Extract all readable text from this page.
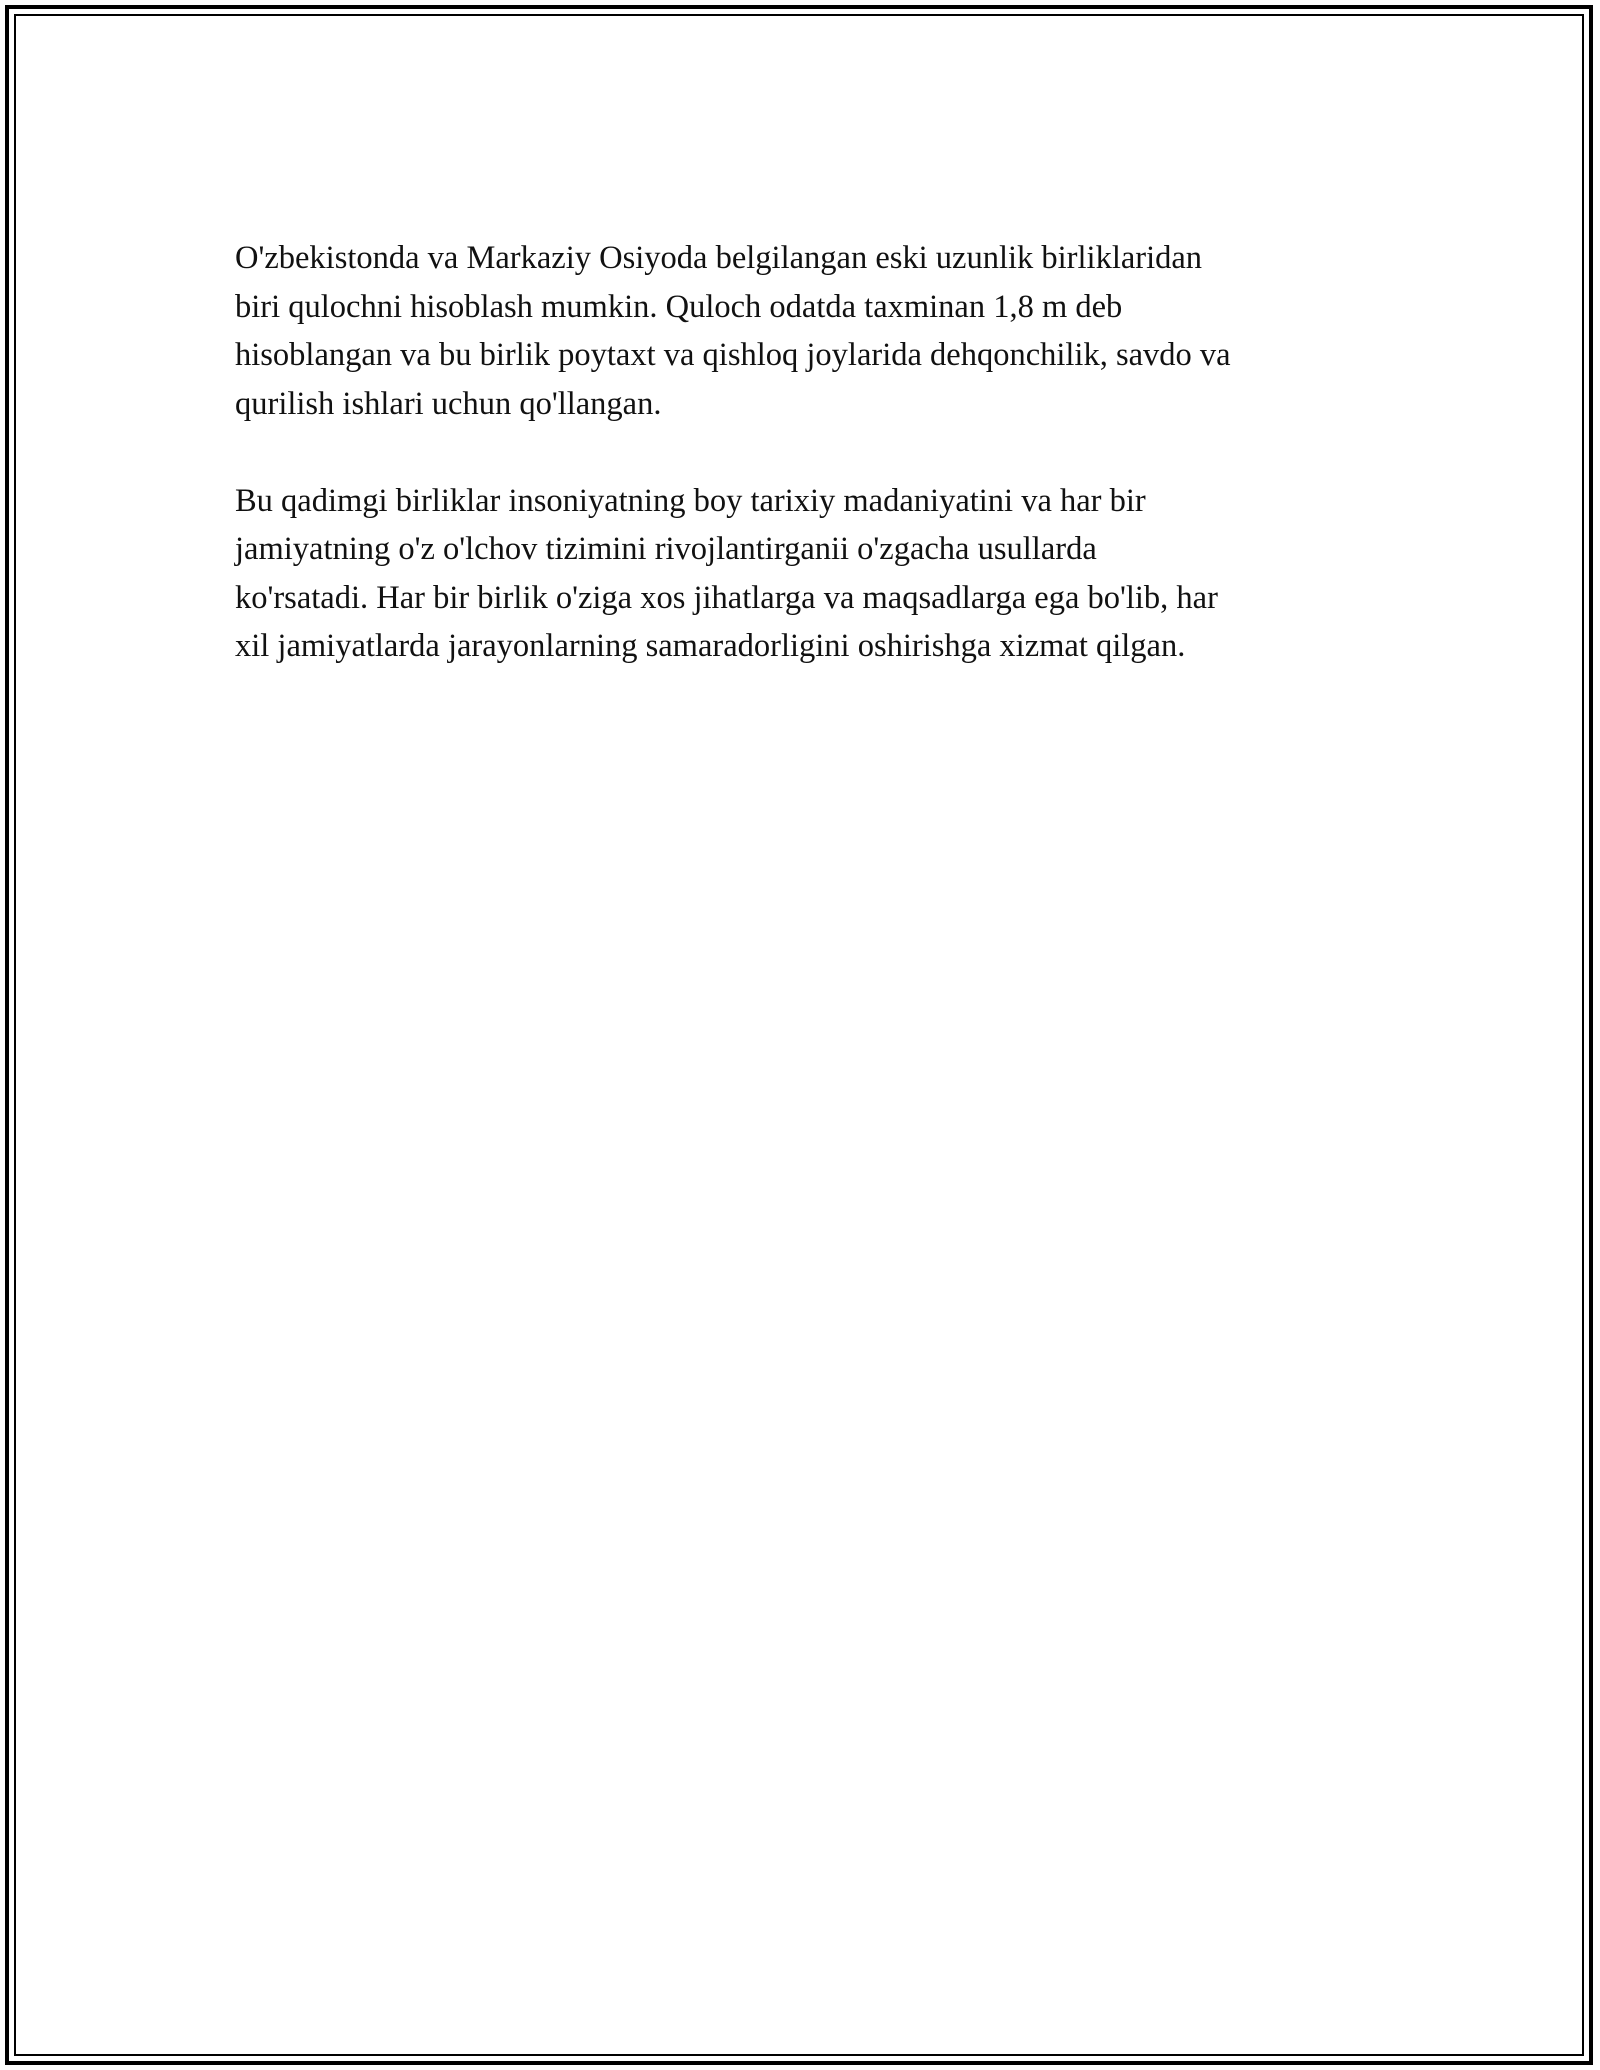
O'zbekistonda va Markaziy Osiyoda belgilangan eski uzunlik birliklaridan
biri qulochni hisoblash mumkin. Quloch odatda taxminan 1,8 m deb
hisoblangan va bu birlik poytaxt va qishloq joylarida dehqonchilik, savdo va
qurilish ishlari uchun qo'llangan.

Bu qadimgi birliklar insoniyatning boy tarixiy madaniyatini va har bir
jamiyatning o'z o'lchov tizimini rivojlantirganii o'zgacha usullarda
ko'rsatadi. Har bir birlik o'ziga xos jihatlarga va maqsadlarga ega bo'lib, har
xil jamiyatlarda jarayonlarning samaradorligini oshirishga xizmat qilgan.
